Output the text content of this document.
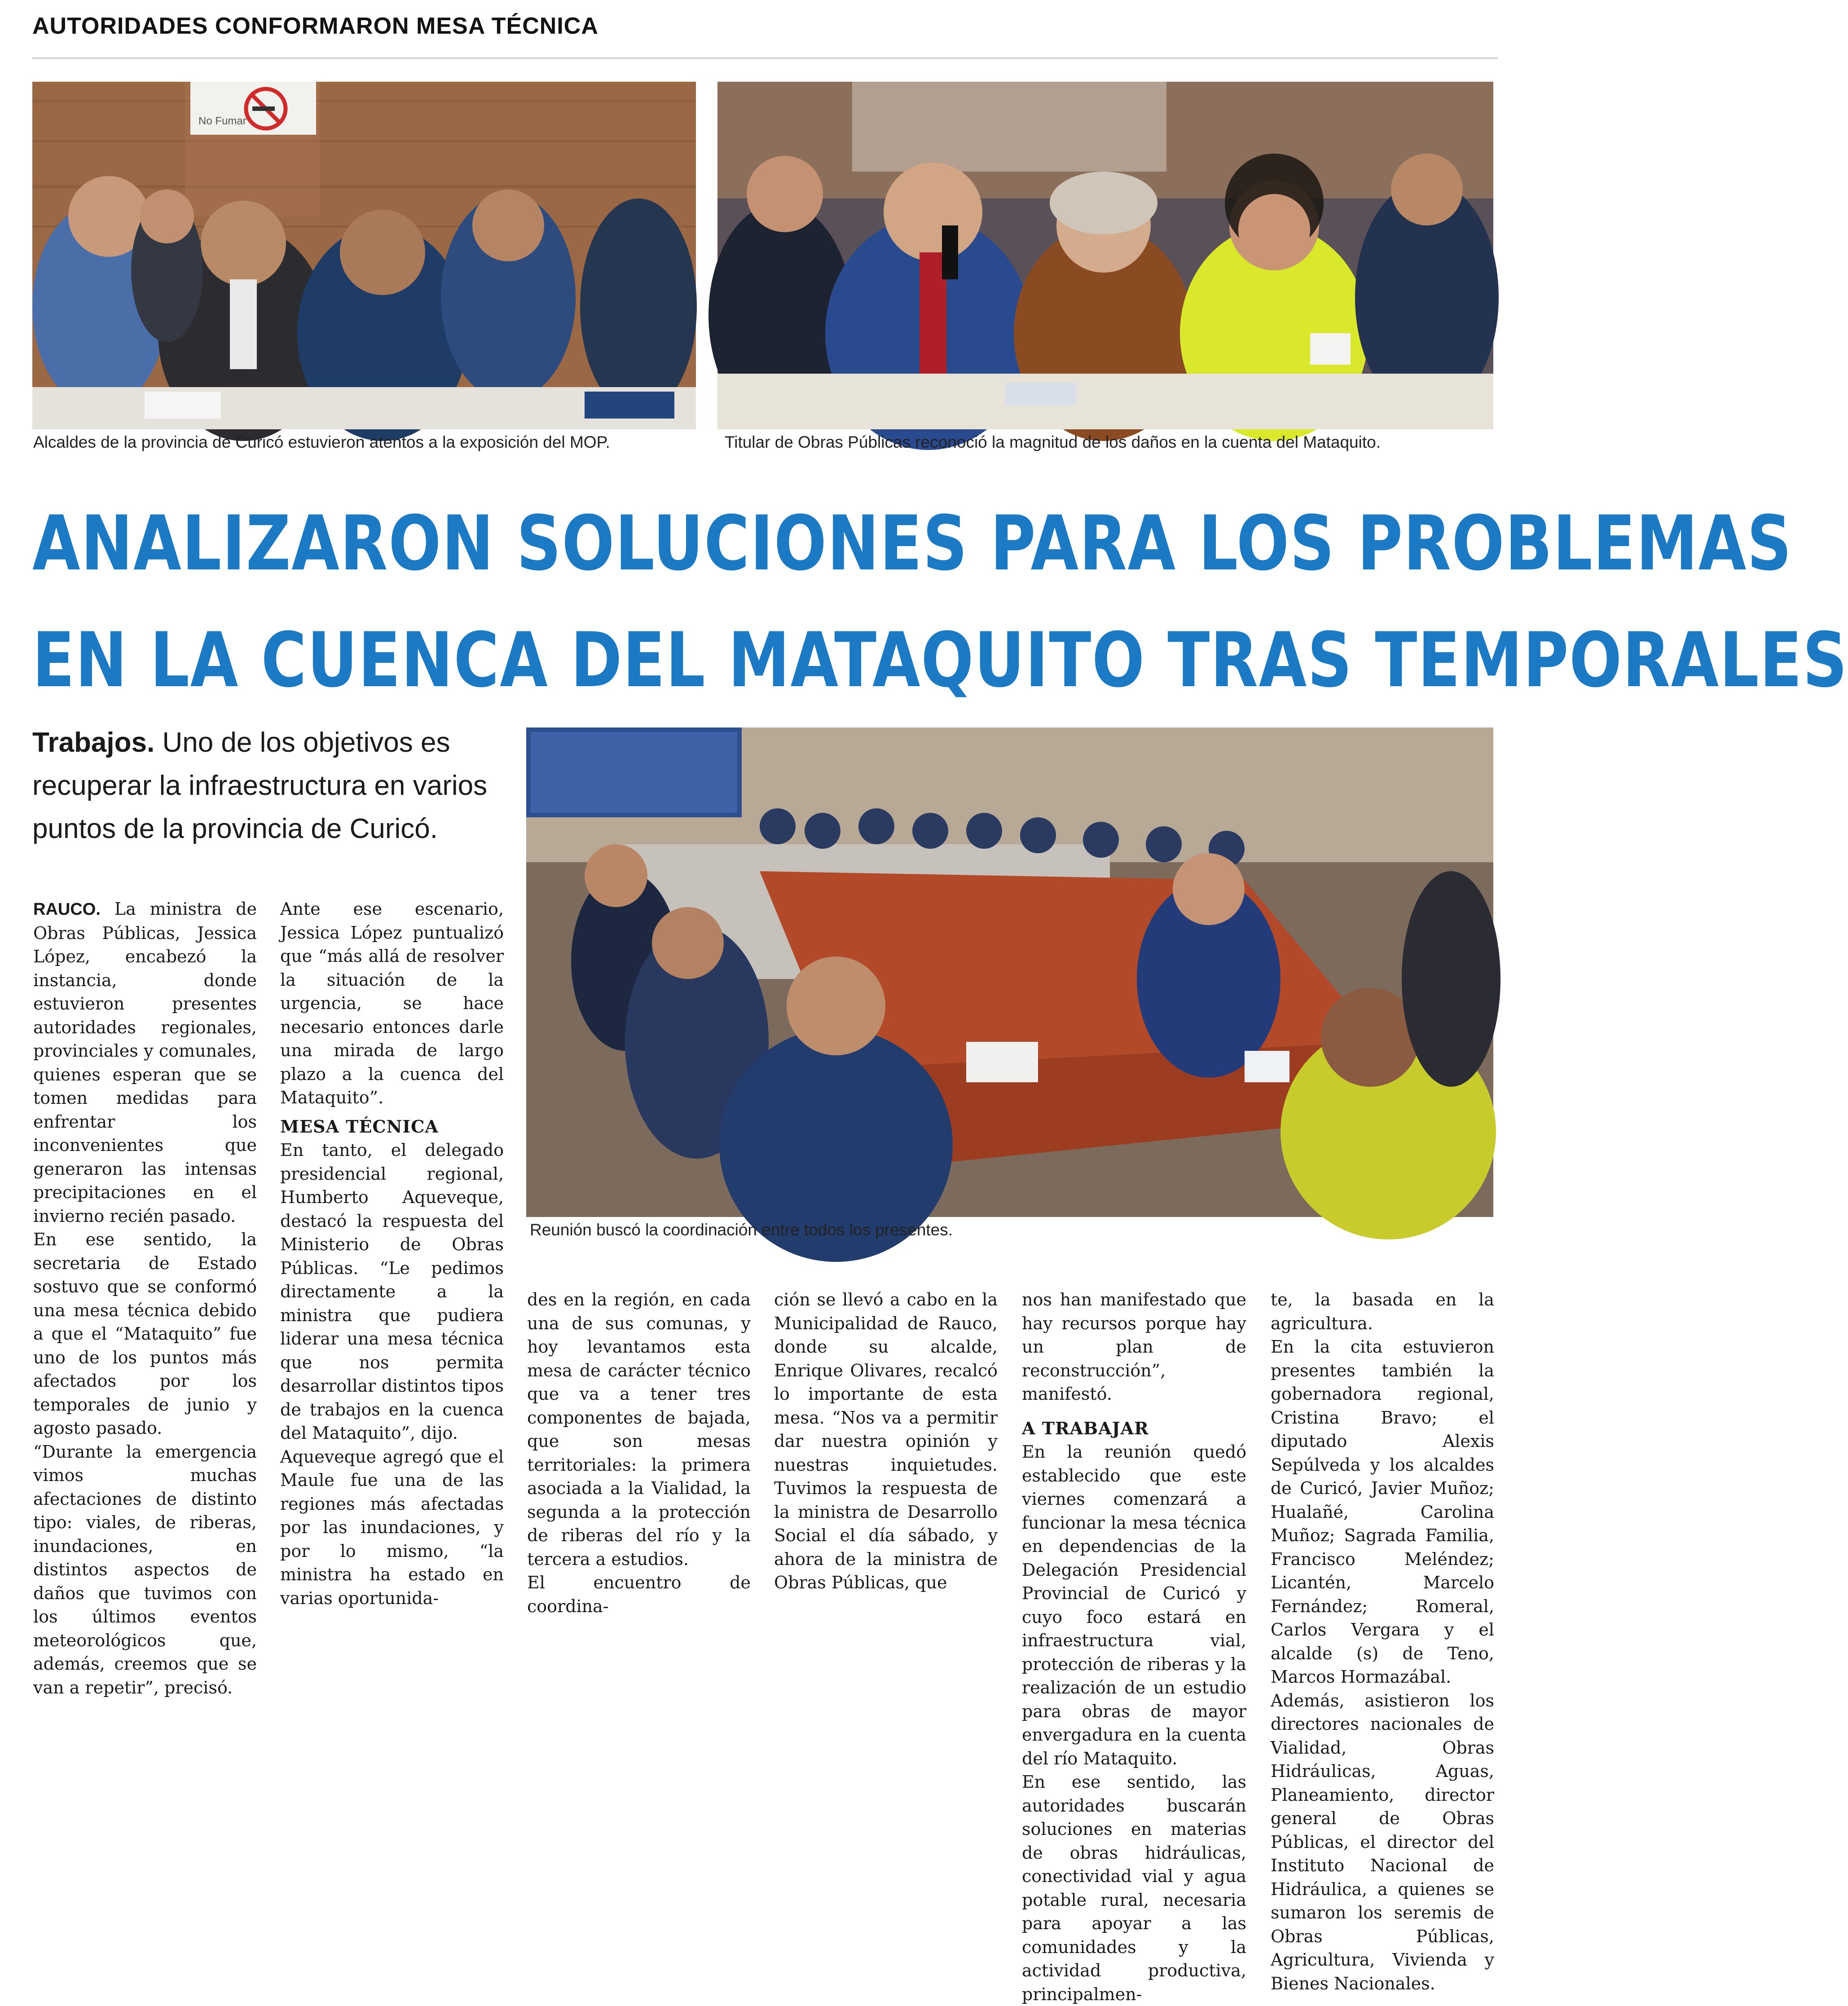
AUTORIDADES CONFORMARON MESA TÉCNICA
No Fumar
Alcaldes de la provincia de Curicó estuvieron atentos a la exposición del MOP.	Titular de Obras Públicas reconoció la magnitud de los daños en la cuenta del Mataquito.
ANALIZARON SOLUCIONES PARA LOS PROBLEMAS
EN LA CUENCA DEL MATAQUITO TRAS TEMPORALES
Trabajos. Uno de los objetivos es recuperar la infraestructura en varios puntos de la provincia de Curicó.
Reunión buscó la coordinación entre todos los presentes.

RAUCO. La ministra de Obras Públicas, Jessica López, encabezó la instancia, donde estuvieron presentes autoridades regionales, provinciales y comunales, quienes esperan que se tomen medidas para enfrentar los inconvenientes que generaron las intensas precipitaciones en el invierno recién pasado.

En ese sentido, la secretaria de Estado sostuvo que se conformó una mesa técnica debido a que el “Mataquito” fue uno de los puntos más afectados por los temporales de junio y agosto pasado.

“Durante la emergencia vimos muchas afectaciones de distinto tipo: viales, de riberas, inundaciones, en distintos aspectos de daños que tuvimos con los últimos eventos meteorológicos que, además, creemos que se van a repetir”, precisó.

Ante ese escenario, Jessica López puntualizó que “más allá de resolver la situación de la urgencia, se hace necesario entonces darle una mirada de largo plazo a la cuenca del Mataquito”.

MESA TÉCNICA

En tanto, el delegado presidencial regional, Humberto Aqueveque, destacó la respuesta del Ministerio de Obras Públicas. “Le pedimos directamente a la ministra que pudiera liderar una mesa técnica que nos permita desarrollar distintos tipos de trabajos en la cuenca del Mataquito”, dijo.

Aqueveque agregó que el Maule fue una de las regiones más afectadas por las inundaciones, y por lo mismo, “la ministra ha estado en varias oportunida-

des en la región, en cada una de sus comunas, y hoy levantamos esta mesa de carácter técnico que va a tener tres componentes de bajada, que son mesas territoriales: la primera asociada a la Vialidad, la segunda a la protección de riberas del río y la tercera a estudios.

El encuentro de coordina-

ción se llevó a cabo en la Municipalidad de Rauco, donde su alcalde, Enrique Olivares, recalcó lo importante de esta mesa. “Nos va a permitir dar nuestra opinión y nuestras inquietudes. Tuvimos la respuesta de la ministra de Desarrollo Social el día sábado, y ahora de la ministra de Obras Públicas, que

nos han manifestado que hay recursos porque hay un plan de reconstrucción”, manifestó.

A TRABAJAR

En la reunión quedó establecido que este viernes comenzará a funcionar la mesa técnica en dependencias de la Delegación Presidencial Provincial de Curicó y cuyo foco estará en infraestructura vial, protección de riberas y la realización de un estudio para obras de mayor envergadura en la cuenta del río Mataquito.

En ese sentido, las autoridades buscarán soluciones en materias de obras hidráulicas, conectividad vial y agua potable rural, necesaria para apoyar a las comunidades y la actividad productiva, principalmen-

te, la basada en la agricultura.

En la cita estuvieron presentes también la gobernadora regional, Cristina Bravo; el diputado Alexis Sepúlveda y los alcaldes de Curicó, Javier Muñoz; Hualañé, Carolina Muñoz; Sagrada Familia, Francisco Meléndez; Licantén, Marcelo Fernández; Romeral, Carlos Vergara y el alcalde (s) de Teno, Marcos Hormazábal.

Además, asistieron los directores nacionales de Vialidad, Obras Hidráulicas, Aguas, Planeamiento, director general de Obras Públicas, el director del Instituto Nacional de Hidráulica, a quienes se sumaron los seremis de Obras Públicas, Agricultura, Vivienda y Bienes Nacionales.
